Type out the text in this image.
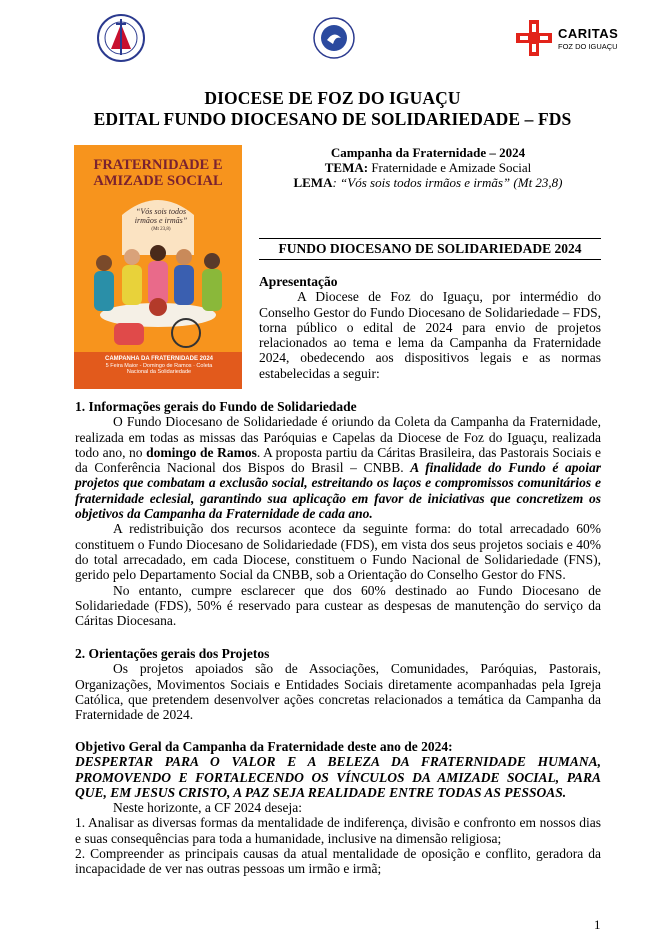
CARITAS
FOZ DO IGUAÇU
DIOCESE DE FOZ DO IGUAÇU
EDITAL FUNDO DIOCESANO DE SOLIDARIEDADE – FDS
FRATERNIDADE E AMIZADE SOCIAL
“Vós sois todos irmãos e irmãs”
(Mt 23,8)
CAMPANHA DA FRATERNIDADE 2024
5 Feira Maior - Domingo de Ramos · Coleta Nacional da Solidariedade
Campanha da Fraternidade – 2024
TEMA: Fraternidade e Amizade Social
LEMA: “Vós sois todos irmãos e irmãs” (Mt 23,8)
FUNDO DIOCESANO DE SOLIDARIEDADE 2024
Apresentação
A Diocese de Foz do Iguaçu, por intermédio do Conselho Gestor do Fundo Diocesano de Solidariedade – FDS, torna público o edital de 2024 para envio de projetos relacionados ao tema e lema da Campanha da Fraternidade 2024, obedecendo aos dispositivos legais e as normas estabelecidas a seguir:
1. Informações gerais do Fundo de Solidariedade
O Fundo Diocesano de Solidariedade é oriundo da Coleta da Campanha da Fraternidade, realizada em todas as missas das Paróquias e Capelas da Diocese de Foz do Iguaçu, realizada todo ano, no domingo de Ramos. A proposta partiu da Cáritas Brasileira, das Pastorais Sociais e da Conferência Nacional dos Bispos do Brasil – CNBB. A finalidade do Fundo é apoiar projetos que combatam a exclusão social, estreitando os laços e compromissos comunitários e fraternidade eclesial, garantindo sua aplicação em favor de iniciativas que concretizem os objetivos da Campanha da Fraternidade de cada ano.
A redistribuição dos recursos acontece da seguinte forma: do total arrecadado 60% constituem o Fundo Diocesano de Solidariedade (FDS), em vista dos seus projetos sociais e 40% do total arrecadado, em cada Diocese, constituem o Fundo Nacional de Solidariedade (FNS), gerido pelo Departamento Social da CNBB, sob a Orientação do Conselho Gestor do FNS.
No entanto, cumpre esclarecer que dos 60% destinado ao Fundo Diocesano de Solidariedade (FDS), 50% é reservado para custear as despesas de manutenção do serviço da Cáritas Diocesana.
2. Orientações gerais dos Projetos
Os projetos apoiados são de Associações, Comunidades, Paróquias, Pastorais, Organizações, Movimentos Sociais e Entidades Sociais diretamente acompanhadas pela Igreja Católica, que pretendem desenvolver ações concretas relacionados a temática da Campanha da Fraternidade de 2024.
Objetivo Geral da Campanha da Fraternidade deste ano de 2024:
DESPERTAR PARA O VALOR E A BELEZA DA FRATERNIDADE HUMANA, PROMOVENDO E FORTALECENDO OS VÍNCULOS DA AMIZADE SOCIAL, PARA QUE, EM JESUS CRISTO, A PAZ SEJA REALIDADE ENTRE TODAS AS PESSOAS.
Neste horizonte, a CF 2024 deseja:
1. Analisar as diversas formas da mentalidade de indiferença, divisão e confronto em nossos dias e suas consequências para toda a humanidade, inclusive na dimensão religiosa;
2. Compreender as principais causas da atual mentalidade de oposição e conflito, geradora da incapacidade de ver nas outras pessoas um irmão e irmã;
1
